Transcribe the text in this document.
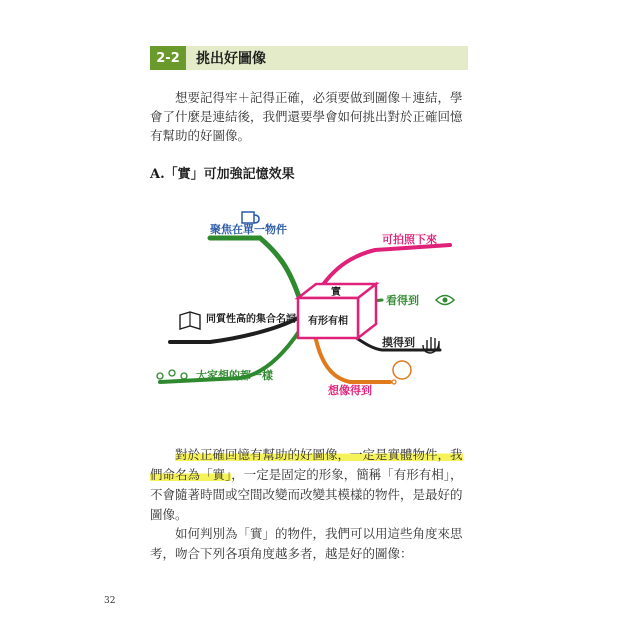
2-2	挑出好圖像

想要記得牢＋記得正確，必須要做到圖像＋連結，學會了什麼是連結後，我們還要學會如何挑出對於正確回憶有幫助的好圖像。

A.「實」可加強記憶效果
實
有形有相
聚焦在單一物件
可拍照下來
看得到
摸得到
想像得到
大家想的都一樣
同質性高的集合名詞

對於正確回憶有幫助的好圖像，一定是實體物件，我們命名為「實」，一定是固定的形象，簡稱「有形有相」，不會隨著時間或空間改變而改變其模樣的物件，是最好的圖像。

如何判別為「實」的物件，我們可以用這些角度來思考，吻合下列各項角度越多者，越是好的圖像：

32
